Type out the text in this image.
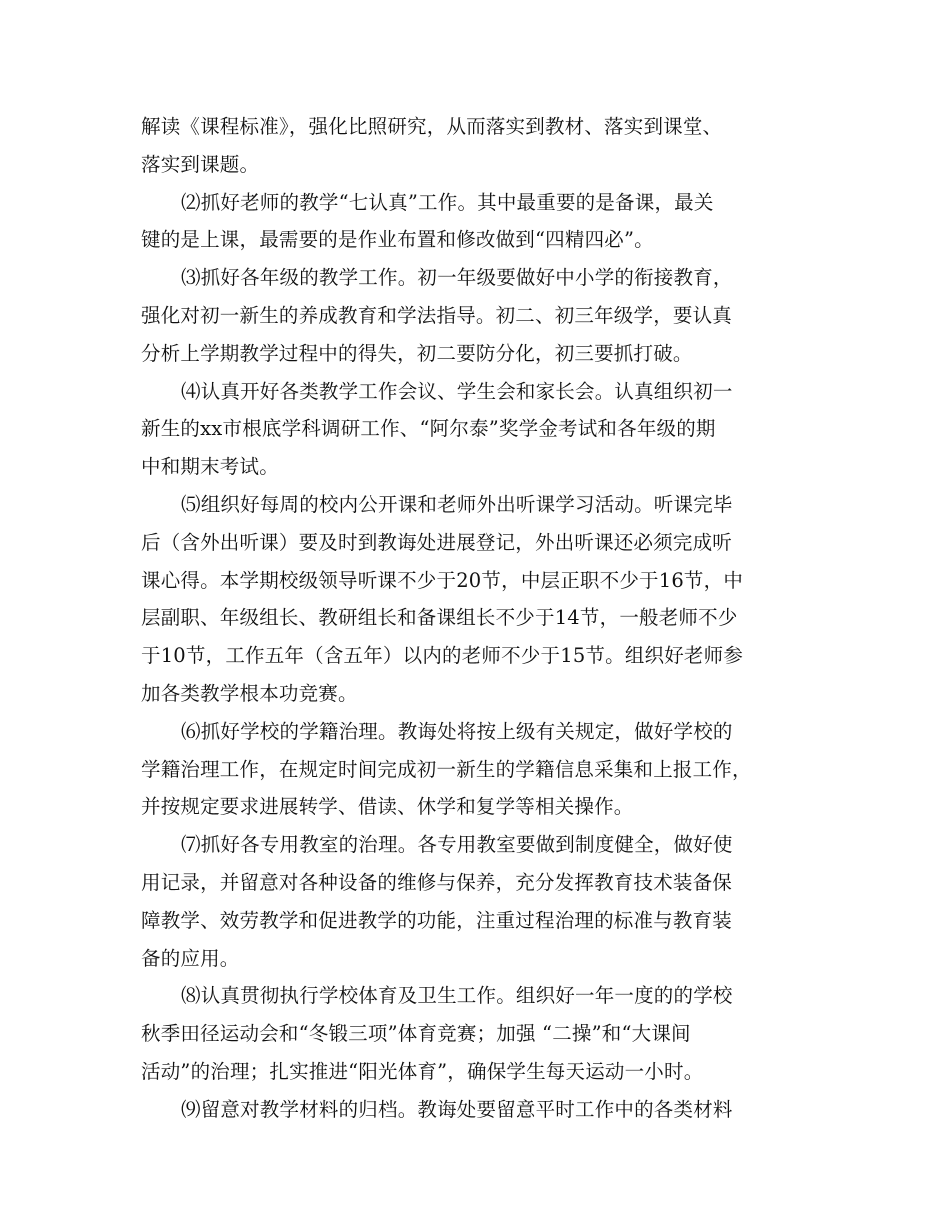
解读《课程标准》，强化比照研究，从而落实到教材、落实到课堂、
落实到课题。
⑵抓好老师的教学“七认真”工作。其中最重要的是备课，最关
键的是上课，最需要的是作业布置和修改做到“四精四必”。
⑶抓好各年级的教学工作。初一年级要做好中小学的衔接教育，
强化对初一新生的养成教育和学法指导。初二、初三年级学，要认真
分析上学期教学过程中的得失，初二要防分化，初三要抓打破。
⑷认真开好各类教学工作会议、学生会和家长会。认真组织初一
新生的xx市根底学科调研工作、“阿尔泰”奖学金考试和各年级的期
中和期末考试。
⑸组织好每周的校内公开课和老师外出听课学习活动。听课完毕
后（含外出听课）要及时到教诲处进展登记，外出听课还必须完成听
课心得。本学期校级领导听课不少于20节，中层正职不少于16节，中
层副职、年级组长、教研组长和备课组长不少于14节，一般老师不少
于10节，工作五年（含五年）以内的老师不少于15节。组织好老师参
加各类教学根本功竞赛。
⑹抓好学校的学籍治理。教诲处将按上级有关规定，做好学校的
学籍治理工作，在规定时间完成初一新生的学籍信息采集和上报工作，
并按规定要求进展转学、借读、休学和复学等相关操作。
⑺抓好各专用教室的治理。各专用教室要做到制度健全，做好使
用记录，并留意对各种设备的维修与保养，充分发挥教育技术装备保
障教学、效劳教学和促进教学的功能，注重过程治理的标准与教育装
备的应用。
⑻认真贯彻执行学校体育及卫生工作。组织好一年一度的的学校
秋季田径运动会和“冬锻三项”体育竞赛；加强 “二操”和“大课间
活动”的治理；扎实推进“阳光体育”，确保学生每天运动一小时。
⑼留意对教学材料的归档。教诲处要留意平时工作中的各类材料
